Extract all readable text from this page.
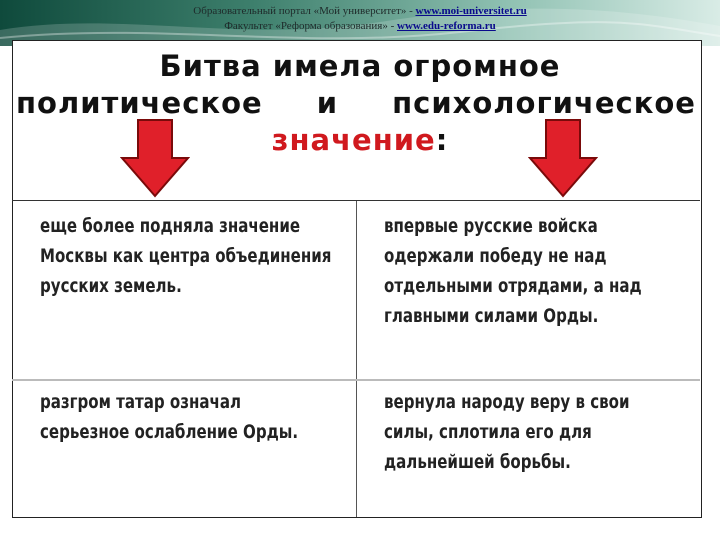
Образовательный портал «Мой университет» - www.moi-universitet.ru
Факультет «Реформа образования» - www.edu-reforma.ru
Битва имела огромное
политическое и психологическое
значение:
еще более подняла значение
Москвы как центра объединения
русских земель.
впервые русские войска
одержали победу не над
отдельными отрядами, а над
главными силами Орды.
разгром татар означал
серьезное ослабление Орды.
вернула народу веру в свои
силы, сплотила его для
дальнейшей борьбы.
